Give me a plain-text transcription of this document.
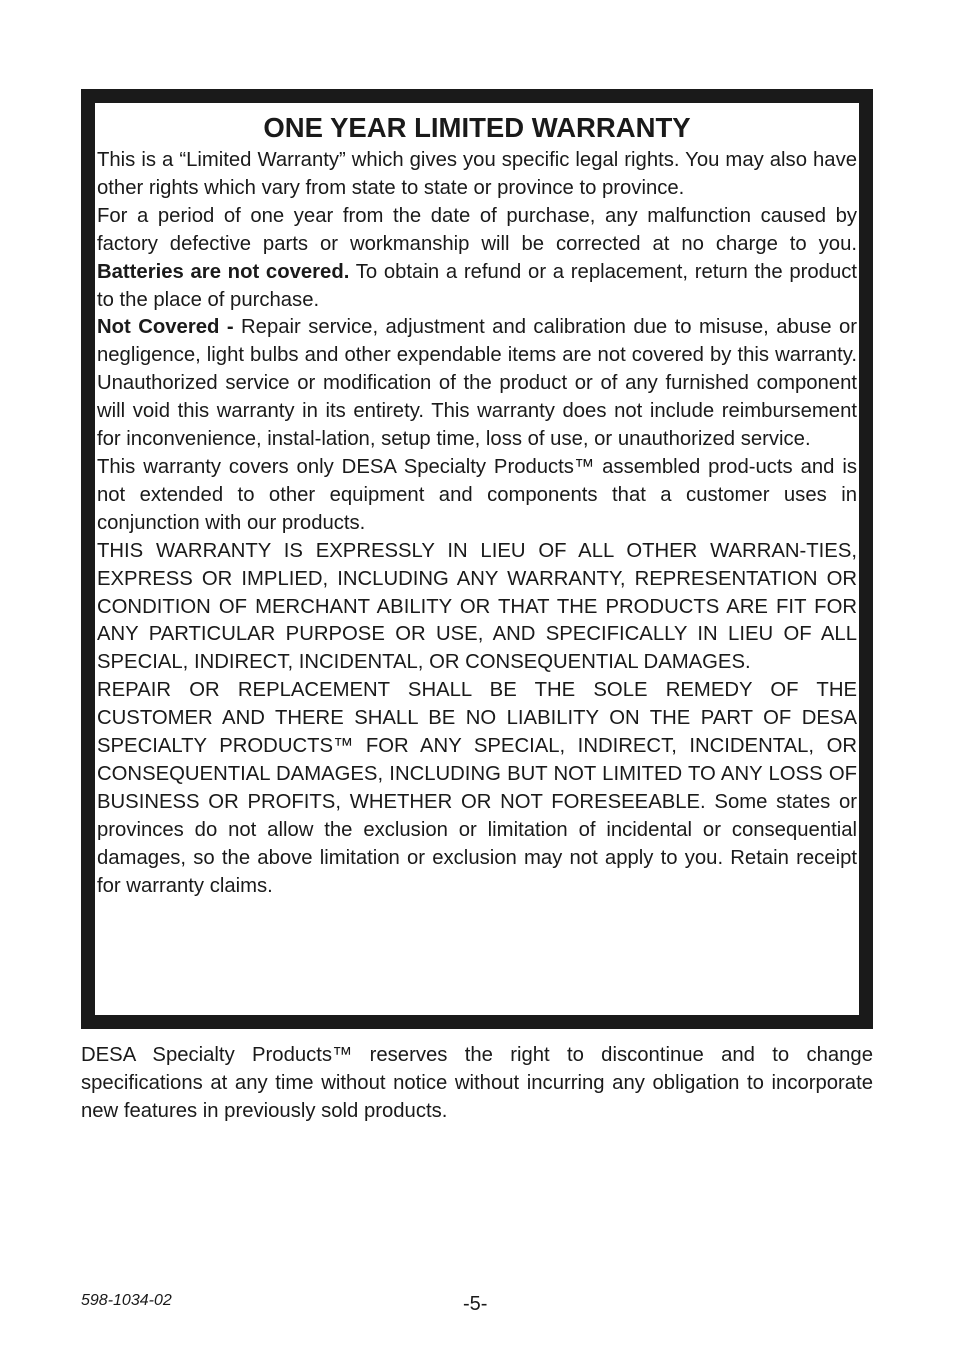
ONE YEAR LIMITED WARRANTY

This is a “Limited Warranty” which gives you specific legal rights. You may also have other rights which vary from state to state or province to province.

For a period of one year from the date of purchase, any malfunction caused by factory defective parts or workmanship will be corrected at no charge to you. Batteries are not covered. To obtain a refund or a replacement, return the product to the place of purchase.

Not Covered - Repair service, adjustment and calibration due to misuse, abuse or negligence, light bulbs and other expendable items are not covered by this warranty. Unauthorized service or modification of the product or of any furnished component will void this warranty in its entirety. This warranty does not include reimbursement for inconvenience, instal-lation, setup time, loss of use, or unauthorized service.

This warranty covers only DESA Specialty Products™ assembled prod-ucts and is not extended to other equipment and components that a customer uses in conjunction with our products.

THIS WARRANTY IS EXPRESSLY IN LIEU OF ALL OTHER WARRAN-TIES, EXPRESS OR IMPLIED, INCLUDING ANY WARRANTY, REPRESENTATION OR CONDITION OF MERCHANT ABILITY OR THAT THE PRODUCTS ARE FIT FOR ANY PARTICULAR PURPOSE OR USE, AND SPECIFICALLY IN LIEU OF ALL SPECIAL, INDIRECT, INCIDENTAL, OR CONSEQUENTIAL DAMAGES.

REPAIR OR REPLACEMENT SHALL BE THE SOLE REMEDY OF THE CUSTOMER AND THERE SHALL BE NO LIABILITY ON THE PART OF DESA SPECIALTY PRODUCTS™ FOR ANY SPECIAL, INDIRECT, INCIDENTAL, OR CONSEQUENTIAL DAMAGES, INCLUDING BUT NOT LIMITED TO ANY LOSS OF BUSINESS OR PROFITS, WHETHER OR NOT FORESEEABLE. Some states or provinces do not allow the exclusion or limitation of incidental or consequential damages, so the above limitation or exclusion may not apply to you. Retain receipt for warranty claims.

DESA Specialty Products™ reserves the right to discontinue and to change specifications at any time without notice without incurring any obligation to incorporate new features in previously sold products.
598-1034-02	-5-
